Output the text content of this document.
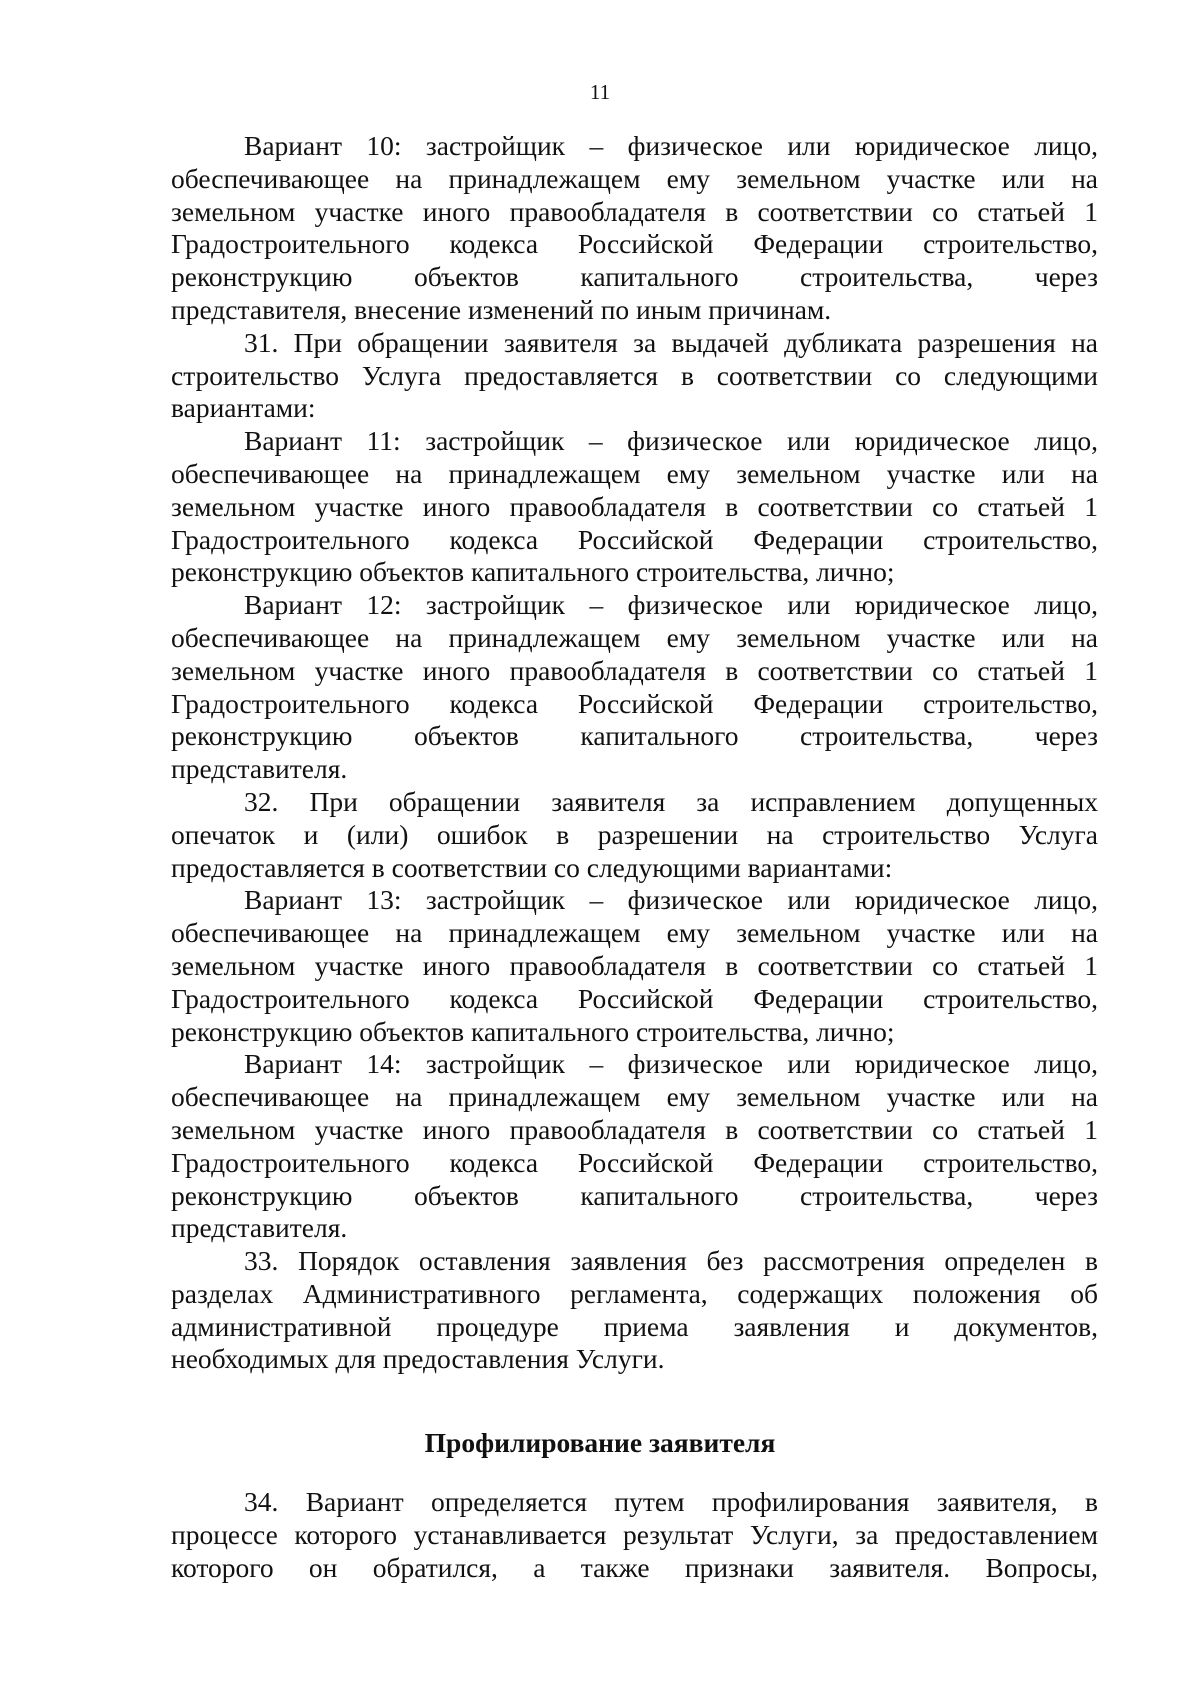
11
Вариант 10: застройщик – физическое или юридическое лицо,
обеспечивающее на принадлежащем ему земельном участке или на
земельном участке иного правообладателя в соответствии со статьей 1
Градостроительного кодекса Российской Федерации строительство,
реконструкцию объектов капитального строительства, через
представителя, внесение изменений по иным причинам.
31. При обращении заявителя за выдачей дубликата разрешения на
строительство Услуга предоставляется в соответствии со следующими
вариантами:
Вариант 11: застройщик – физическое или юридическое лицо,
обеспечивающее на принадлежащем ему земельном участке или на
земельном участке иного правообладателя в соответствии со статьей 1
Градостроительного кодекса Российской Федерации строительство,
реконструкцию объектов капитального строительства, лично;
Вариант 12: застройщик – физическое или юридическое лицо,
обеспечивающее на принадлежащем ему земельном участке или на
земельном участке иного правообладателя в соответствии со статьей 1
Градостроительного кодекса Российской Федерации строительство,
реконструкцию объектов капитального строительства, через
представителя.
32. При обращении заявителя за исправлением допущенных
опечаток и (или) ошибок в разрешении на строительство Услуга
предоставляется в соответствии со следующими вариантами:
Вариант 13: застройщик – физическое или юридическое лицо,
обеспечивающее на принадлежащем ему земельном участке или на
земельном участке иного правообладателя в соответствии со статьей 1
Градостроительного кодекса Российской Федерации строительство,
реконструкцию объектов капитального строительства, лично;
Вариант 14: застройщик – физическое или юридическое лицо,
обеспечивающее на принадлежащем ему земельном участке или на
земельном участке иного правообладателя в соответствии со статьей 1
Градостроительного кодекса Российской Федерации строительство,
реконструкцию объектов капитального строительства, через
представителя.
33. Порядок оставления заявления без рассмотрения определен в
разделах Административного регламента, содержащих положения об
административной процедуре приема заявления и документов,
необходимых для предоставления Услуги.
Профилирование заявителя
34. Вариант определяется путем профилирования заявителя, в
процессе которого устанавливается результат Услуги, за предоставлением
которого он обратился, а также признаки заявителя. Вопросы,
